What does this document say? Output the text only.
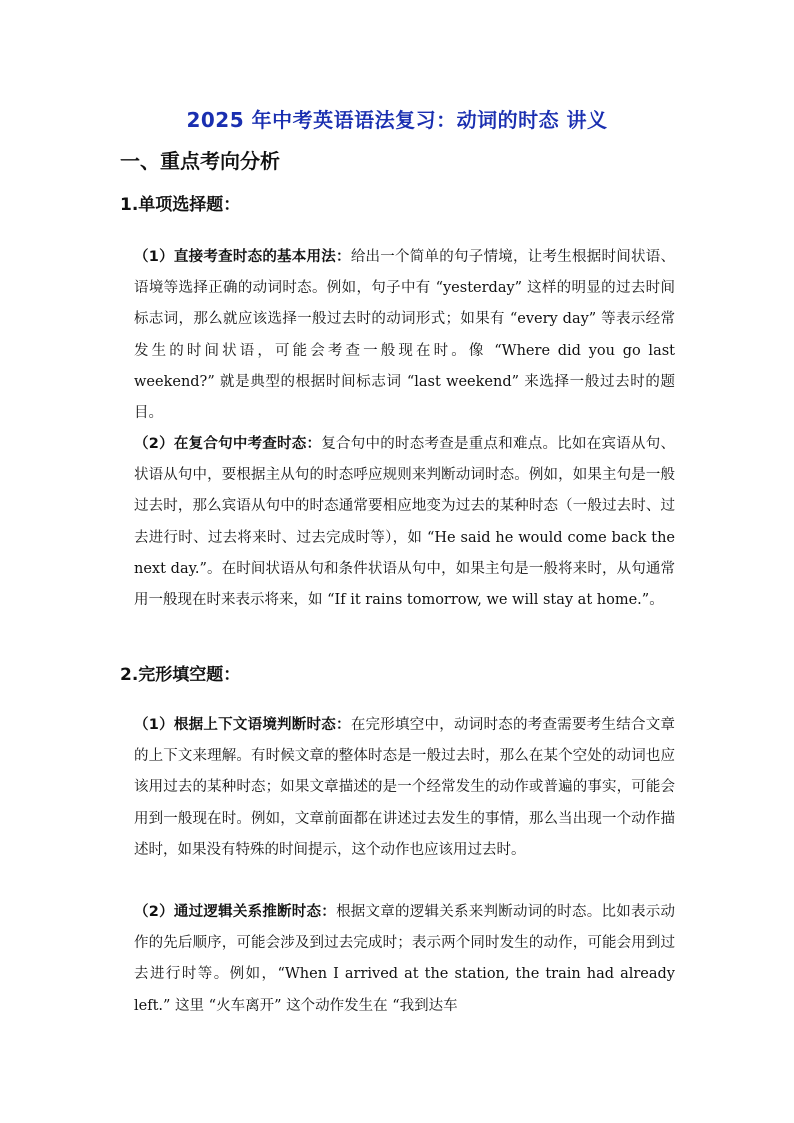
2025 年中考英语语法复习：动词的时态 讲义
一、重点考向分析
1.单项选择题：
（1）直接考查时态的基本用法：给出一个简单的句子情境，让考生根据时间状语、语境等选择正确的动词时态。例如，句子中有 “yesterday” 这样的明显的过去时间标志词，那么就应该选择一般过去时的动词形式；如果有 “every day” 等表示经常发生的时间状语，可能会考查一般现在时。像 “Where did you go last weekend?” 就是典型的根据时间标志词 “last weekend” 来选择一般过去时的题目。
（2）在复合句中考查时态：复合句中的时态考查是重点和难点。比如在宾语从句、状语从句中，要根据主从句的时态呼应规则来判断动词时态。例如，如果主句是一般过去时，那么宾语从句中的时态通常要相应地变为过去的某种时态（一般过去时、过去进行时、过去将来时、过去完成时等），如 “He said he would come back the next day.”。在时间状语从句和条件状语从句中，如果主句是一般将来时，从句通常用一般现在时来表示将来，如 “If it rains tomorrow, we will stay at home.”。
2.完形填空题：
（1）根据上下文语境判断时态：在完形填空中，动词时态的考查需要考生结合文章的上下文来理解。有时候文章的整体时态是一般过去时，那么在某个空处的动词也应该用过去的某种时态；如果文章描述的是一个经常发生的动作或普遍的事实，可能会用到一般现在时。例如，文章前面都在讲述过去发生的事情，那么当出现一个动作描述时，如果没有特殊的时间提示，这个动作也应该用过去时。
（2）通过逻辑关系推断时态：根据文章的逻辑关系来判断动词的时态。比如表示动作的先后顺序，可能会涉及到过去完成时；表示两个同时发生的动作，可能会用到过去进行时等。例如，“When I arrived at the station, the train had already left.” 这里 “火车离开” 这个动作发生在 “我到达车
